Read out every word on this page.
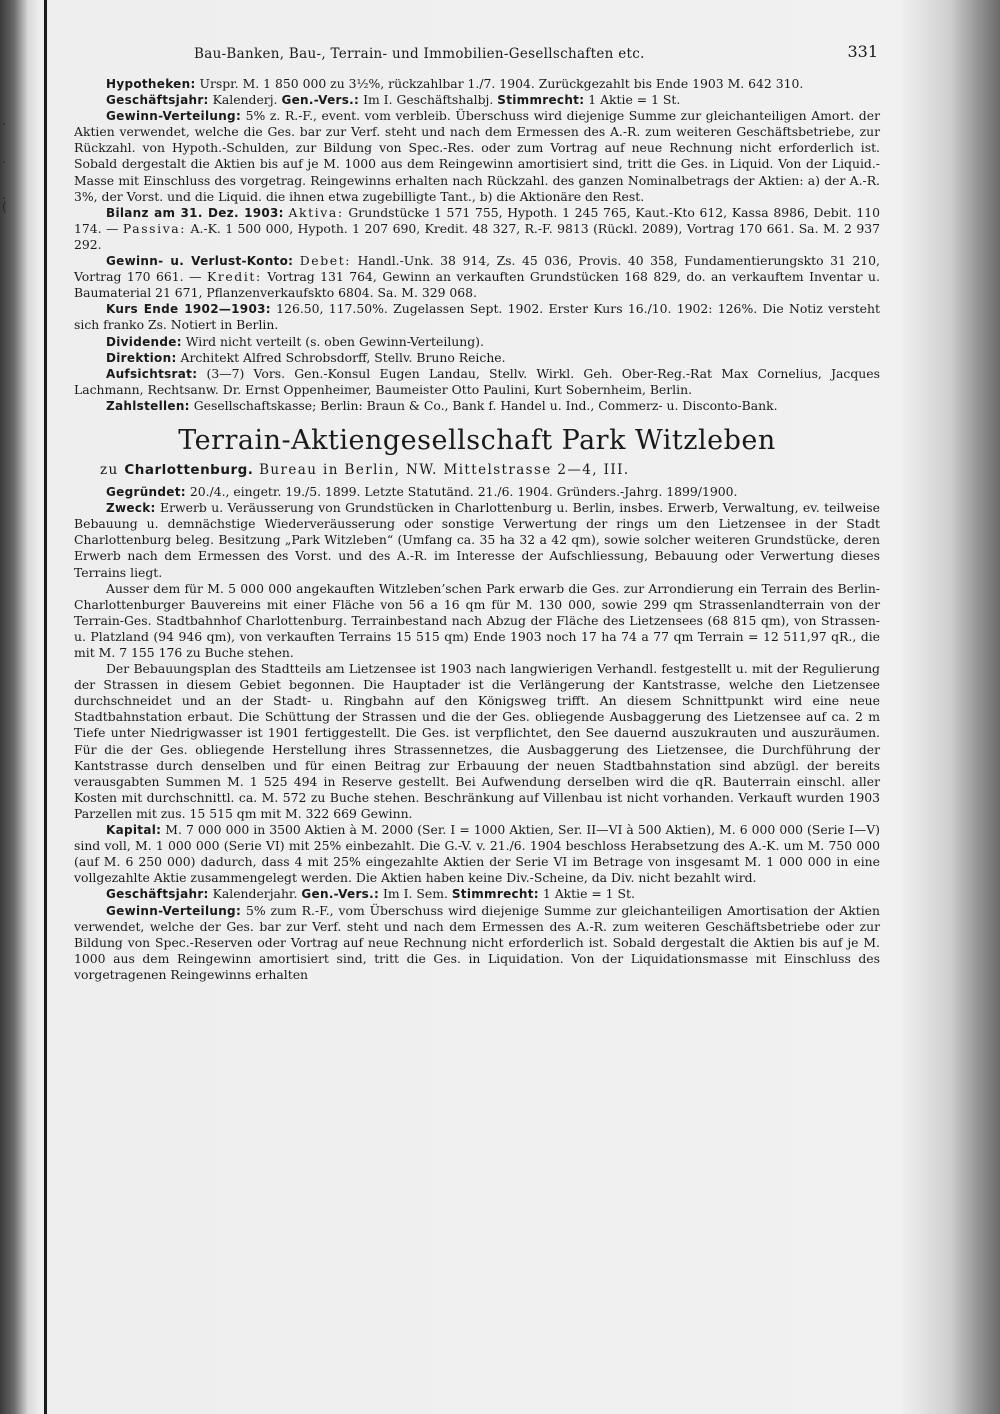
.
.
.
(
Bau-Banken, Bau-, Terrain- und Immobilien-Gesellschaften etc.	331

Hypotheken: Urspr. M. 1 850 000 zu 3½%, rückzahlbar 1./7. 1904. Zurückgezahlt bis Ende 1903 M. 642 310.

Geschäftsjahr: Kalenderj. Gen.-Vers.: Im I. Geschäftshalbj. Stimmrecht: 1 Aktie = 1 St.

Gewinn-Verteilung: 5% z. R.-F., event. vom verbleib. Überschuss wird diejenige Summe zur gleichanteiligen Amort. der Aktien verwendet, welche die Ges. bar zur Verf. steht und nach dem Ermessen des A.-R. zum weiteren Geschäftsbetriebe, zur Rückzahl. von Hypoth.-Schulden, zur Bildung von Spec.-Res. oder zum Vortrag auf neue Rechnung nicht erforderlich ist. Sobald dergestalt die Aktien bis auf je M. 1000 aus dem Reingewinn amortisiert sind, tritt die Ges. in Liquid. Von der Liquid.-Masse mit Einschluss des vorgetrag. Reingewinns erhalten nach Rückzahl. des ganzen Nominalbetrags der Aktien: a) der A.-R. 3%, der Vorst. und die Liquid. die ihnen etwa zugebilligte Tant., b) die Aktionäre den Rest.

Bilanz am 31. Dez. 1903: Aktiva: Grundstücke 1 571 755, Hypoth. 1 245 765, Kaut.-Kto 612, Kassa 8986, Debit. 110 174. — Passiva: A.-K. 1 500 000, Hypoth. 1 207 690, Kredit. 48 327, R.-F. 9813 (Rückl. 2089), Vortrag 170 661. Sa. M. 2 937 292.

Gewinn- u. Verlust-Konto: Debet: Handl.-Unk. 38 914, Zs. 45 036, Provis. 40 358, Fundamentierungskto 31 210, Vortrag 170 661. — Kredit: Vortrag 131 764, Gewinn an verkauften Grundstücken 168 829, do. an verkauftem Inventar u. Baumaterial 21 671, Pflanzenverkaufskto 6804. Sa. M. 329 068.

Kurs Ende 1902—1903: 126.50, 117.50%. Zugelassen Sept. 1902. Erster Kurs 16./10. 1902: 126%. Die Notiz versteht sich franko Zs. Notiert in Berlin.

Dividende: Wird nicht verteilt (s. oben Gewinn-Verteilung).

Direktion: Architekt Alfred Schrobsdorff, Stellv. Bruno Reiche.

Aufsichtsrat: (3—7) Vors. Gen.-Konsul Eugen Landau, Stellv. Wirkl. Geh. Ober-Reg.-Rat Max Cornelius, Jacques Lachmann, Rechtsanw. Dr. Ernst Oppenheimer, Baumeister Otto Paulini, Kurt Sobernheim, Berlin.

Zahlstellen: Gesellschaftskasse; Berlin: Braun & Co., Bank f. Handel u. Ind., Commerz- u. Disconto-Bank.

Terrain-Aktiengesellschaft Park Witzleben

zu Charlottenburg. Bureau in Berlin, NW. Mittelstrasse 2—4, III.

Gegründet: 20./4., eingetr. 19./5. 1899. Letzte Statutänd. 21./6. 1904. Gründers.-Jahrg. 1899/1900.

Zweck: Erwerb u. Veräusserung von Grundstücken in Charlottenburg u. Berlin, insbes. Erwerb, Verwaltung, ev. teilweise Bebauung u. demnächstige Wiederveräusserung oder sonstige Verwertung der rings um den Lietzensee in der Stadt Charlottenburg beleg. Besitzung „Park Witzleben“ (Umfang ca. 35 ha 32 a 42 qm), sowie solcher weiteren Grundstücke, deren Erwerb nach dem Ermessen des Vorst. und des A.-R. im Interesse der Aufschliessung, Bebauung oder Verwertung dieses Terrains liegt.

Ausser dem für M. 5 000 000 angekauften Witzleben’schen Park erwarb die Ges. zur Arrondierung ein Terrain des Berlin-Charlottenburger Bauvereins mit einer Fläche von 56 a 16 qm für M. 130 000, sowie 299 qm Strassenlandterrain von der Terrain-Ges. Stadtbahnhof Charlottenburg. Terrainbestand nach Abzug der Fläche des Lietzensees (68 815 qm), von Strassen- u. Platzland (94 946 qm), von verkauften Terrains 15 515 qm) Ende 1903 noch 17 ha 74 a 77 qm Terrain = 12 511,97 qR., die mit M. 7 155 176 zu Buche stehen.

Der Bebauungsplan des Stadtteils am Lietzensee ist 1903 nach langwierigen Verhandl. festgestellt u. mit der Regulierung der Strassen in diesem Gebiet begonnen. Die Hauptader ist die Verlängerung der Kantstrasse, welche den Lietzensee durchschneidet und an der Stadt- u. Ringbahn auf den Königsweg trifft. An diesem Schnittpunkt wird eine neue Stadtbahnstation erbaut. Die Schüttung der Strassen und die der Ges. obliegende Ausbaggerung des Lietzensee auf ca. 2 m Tiefe unter Niedrigwasser ist 1901 fertiggestellt. Die Ges. ist verpflichtet, den See dauernd auszukrauten und auszuräumen. Für die der Ges. obliegende Herstellung ihres Strassennetzes, die Ausbaggerung des Lietzensee, die Durchführung der Kantstrasse durch denselben und für einen Beitrag zur Erbauung der neuen Stadtbahnstation sind abzügl. der bereits verausgabten Summen M. 1 525 494 in Reserve gestellt. Bei Aufwendung derselben wird die qR. Bauterrain einschl. aller Kosten mit durchschnittl. ca. M. 572 zu Buche stehen. Beschränkung auf Villenbau ist nicht vorhanden. Verkauft wurden 1903 Parzellen mit zus. 15 515 qm mit M. 322 669 Gewinn.

Kapital: M. 7 000 000 in 3500 Aktien à M. 2000 (Ser. I = 1000 Aktien, Ser. II—VI à 500 Aktien), M. 6 000 000 (Serie I—V) sind voll, M. 1 000 000 (Serie VI) mit 25% einbezahlt. Die G.-V. v. 21./6. 1904 beschloss Herabsetzung des A.-K. um M. 750 000 (auf M. 6 250 000) dadurch, dass 4 mit 25% eingezahlte Aktien der Serie VI im Betrage von insgesamt M. 1 000 000 in eine vollgezahlte Aktie zusammengelegt werden. Die Aktien haben keine Div.-Scheine, da Div. nicht bezahlt wird.

Geschäftsjahr: Kalenderjahr. Gen.-Vers.: Im I. Sem. Stimmrecht: 1 Aktie = 1 St.

Gewinn-Verteilung: 5% zum R.-F., vom Überschuss wird diejenige Summe zur gleichanteiligen Amortisation der Aktien verwendet, welche der Ges. bar zur Verf. steht und nach dem Ermessen des A.-R. zum weiteren Geschäftsbetriebe oder zur Bildung von Spec.-Reserven oder Vortrag auf neue Rechnung nicht erforderlich ist. Sobald dergestalt die Aktien bis auf je M. 1000 aus dem Reingewinn amortisiert sind, tritt die Ges. in Liquidation. Von der Liquidationsmasse mit Einschluss des vorgetragenen Reingewinns erhalten
